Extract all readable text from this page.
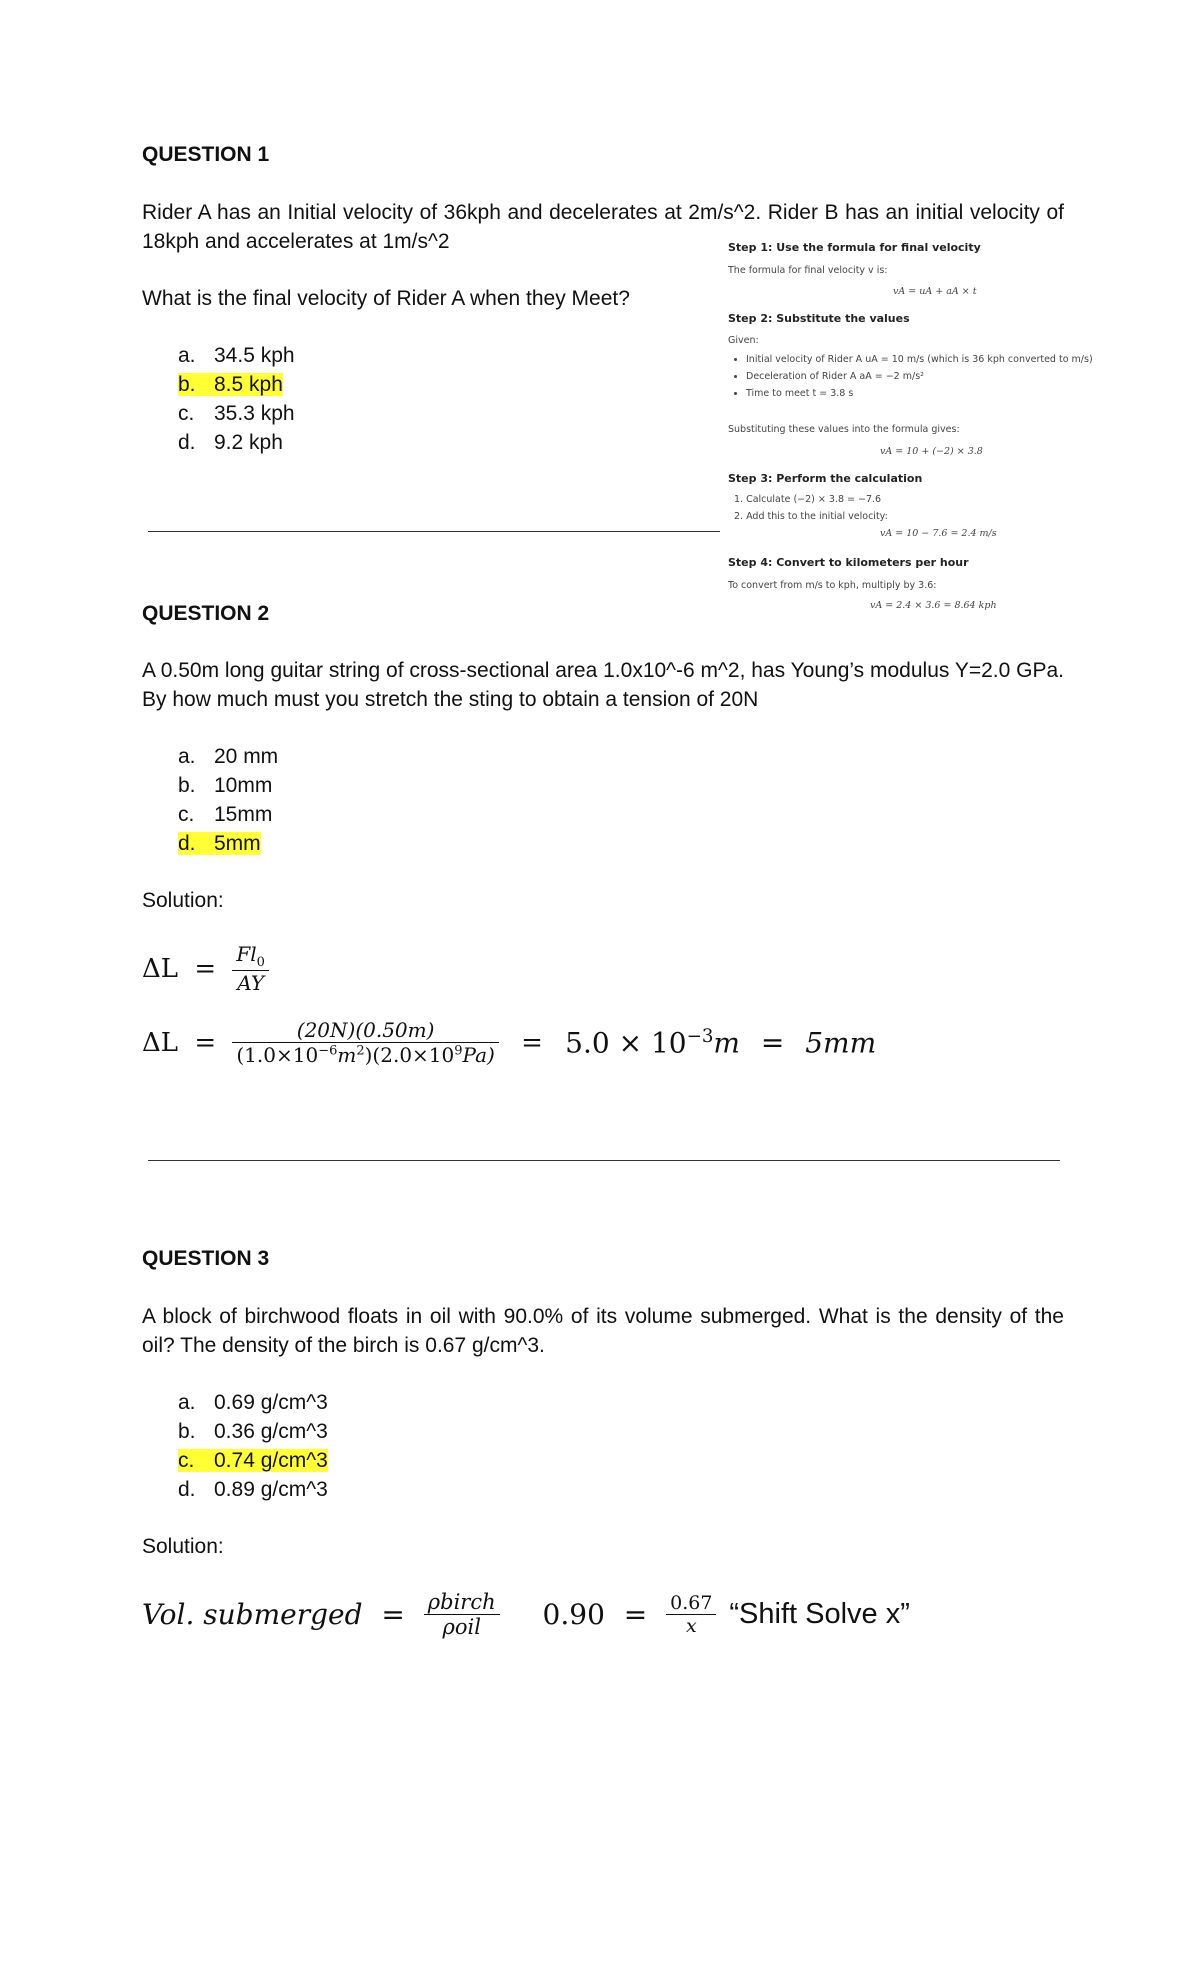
QUESTION 1
Rider A has an Initial velocity of 36kph and decelerates at 2m/s^2. Rider B has an initial velocity of 18kph and accelerates at 1m/s^2
What is the final velocity of Rider A when they Meet?
a. 34.5 kph
b. 8.5 kph
c. 35.3 kph
d. 9.2 kph
Step 1: Use the formula for final velocity
The formula for final velocity v is:
vA = uA + aA × t
Step 2: Substitute the values
Given:
• Initial velocity of Rider A uA = 10 m/s (which is 36 kph converted to m/s)
• Deceleration of Rider A aA = −2 m/s²
• Time to meet t = 3.8 s
Substituting these values into the formula gives:
vA = 10 + (−2) × 3.8
Step 3: Perform the calculation
1. Calculate (−2) × 3.8 = −7.6
2. Add this to the initial velocity:
vA = 10 − 7.6 = 2.4 m/s
Step 4: Convert to kilometers per hour
To convert from m/s to kph, multiply by 3.6:
vA = 2.4 × 3.6 = 8.64 kph
QUESTION 2
A 0.50m long guitar string of cross-sectional area 1.0x10^-6 m^2, has Young’s modulus Y=2.0 GPa. By how much must you stretch the sting to obtain a tension of 20N
a. 20 mm
b. 10mm
c. 15mm
d. 5mm
Solution:
$\Delta L = \frac{Fl_0}{AY}$
$\Delta L = \frac{(20N)(0.50m)}{(1.0\times 10^{-6}m^2)(2.0\times 10^9Pa)} = 5.0 \times 10^{-3}m = 5mm$
QUESTION 3
A block of birchwood floats in oil with 90.0% of its volume submerged. What is the density of the oil? The density of the birch is 0.67 g/cm^3.
a. 0.69 g/cm^3
b. 0.36 g/cm^3
c. 0.74 g/cm^3
d. 0.89 g/cm^3
Solution:
Vol. submerged = $\frac{\text{ρbirch}}{\text{ρoil}} 0.90 = \frac{0.67}{x}$ “Shift Solve x”
